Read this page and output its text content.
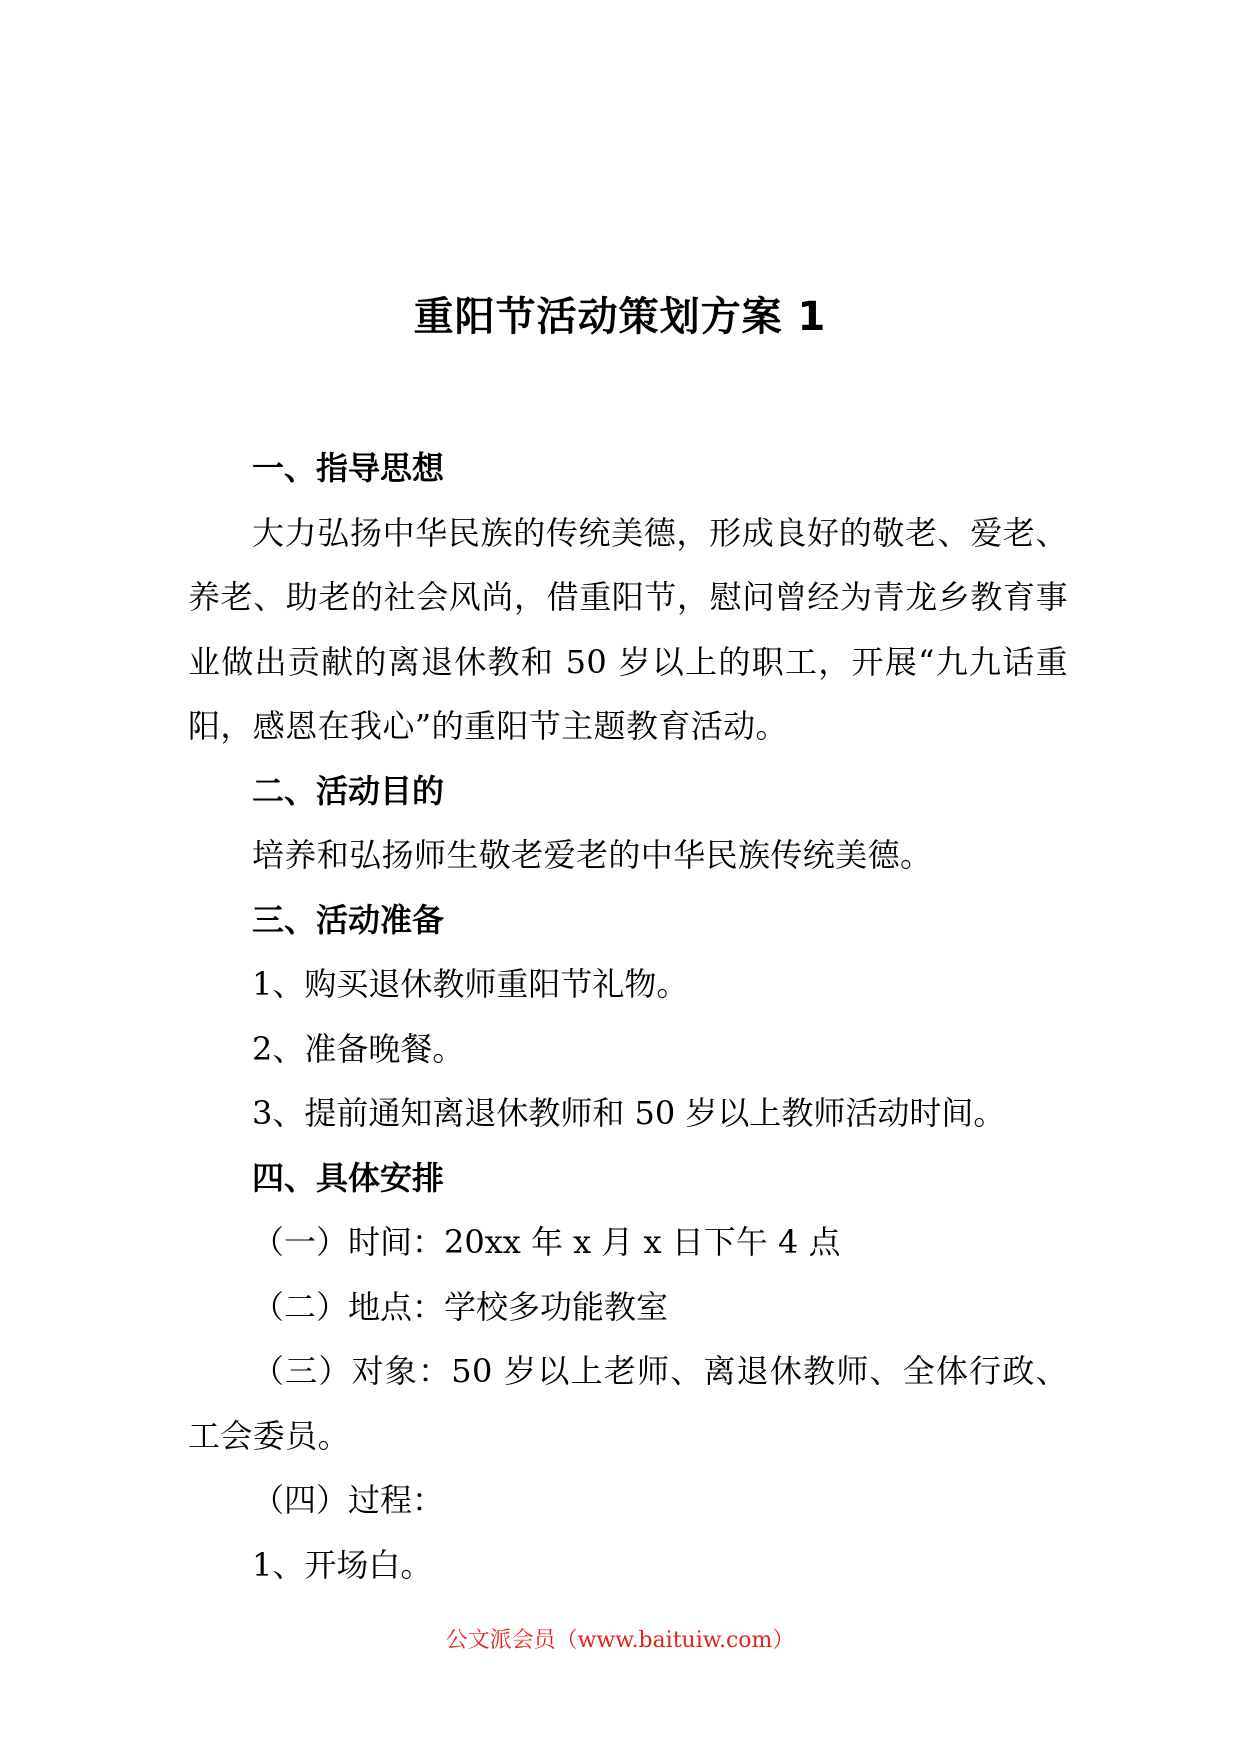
重阳节活动策划方案 1
一、指导思想

大力弘扬中华民族的传统美德，形成良好的敬老、爱老、养老、助老的社会风尚，借重阳节，慰问曾经为青龙乡教育事业做出贡献的离退休教和 50 岁以上的职工，开展“九九话重阳，感恩在我心”的重阳节主题教育活动。

二、活动目的

培养和弘扬师生敬老爱老的中华民族传统美德。

三、活动准备

1、购买退休教师重阳节礼物。

2、准备晚餐。

3、提前通知离退休教师和 50 岁以上教师活动时间。

四、具体安排

（一）时间：20xx 年 x 月 x 日下午 4 点

（二）地点：学校多功能教室

（三）对象：50 岁以上老师、离退休教师、全体行政、工会委员。

（四）过程：

1、开场白。

公文派会员（www.baituiw.com）
